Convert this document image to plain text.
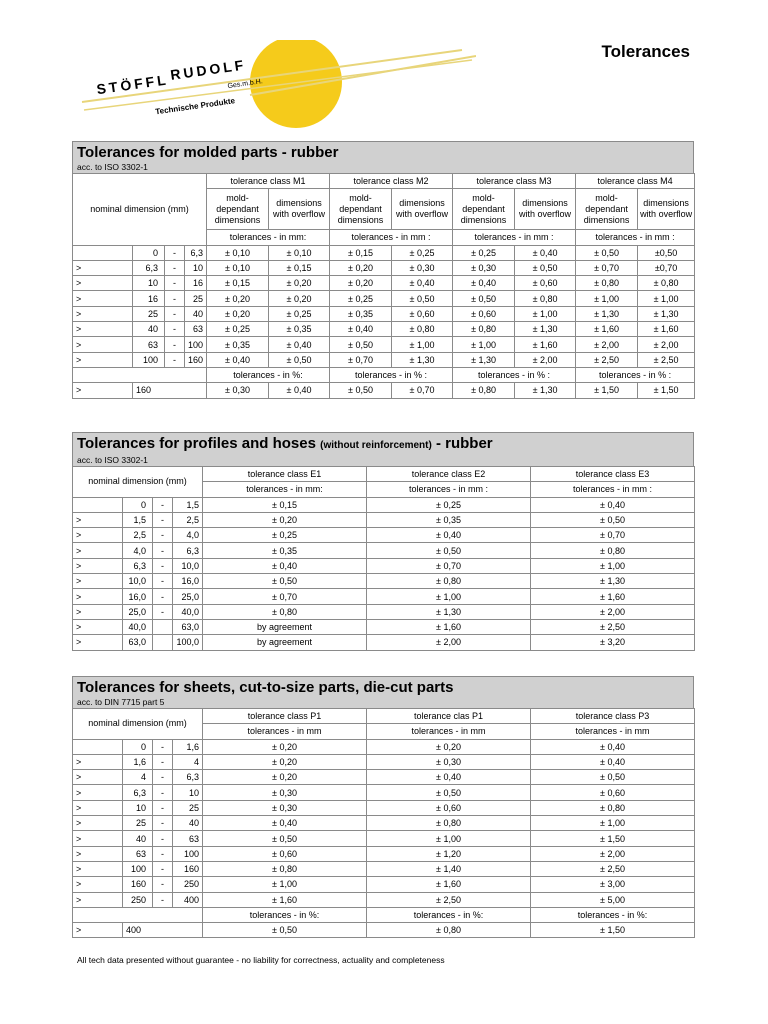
STÖFFL
RUDOLF
Ges.m.b.H.
Technische Produkte
Tolerances
Tolerances for molded parts - rubber
acc. to ISO 3302-1
nominal dimension (mm)				tolerance class M1		tolerance class M2		tolerance class M3		tolerance class M4	
				mold-dependant dimensions	dimensions with overflow	mold-dependant dimensions	dimensions with overflow	mold-dependant dimensions	dimensions with overflow	mold-dependant dimensions	dimensions with overflow
				tolerances - in mm:		tolerances - in mm :		tolerances - in mm :		tolerances - in mm :	
	0	-	6,3	± 0,10	± 0,10	± 0,15	± 0,25	± 0,25	± 0,40	± 0,50	±0,50
>	6,3	-	10	± 0,10	± 0,15	± 0,20	± 0,30	± 0,30	± 0,50	± 0,70	±0,70
>	10	-	16	± 0,15	± 0,20	± 0,20	± 0,40	± 0,40	± 0,60	± 0,80	± 0,80
>	16	-	25	± 0,20	± 0,20	± 0,25	± 0,50	± 0,50	± 0,80	± 1,00	± 1,00
>	25	-	40	± 0,20	± 0,25	± 0,35	± 0,60	± 0,60	± 1,00	± 1,30	± 1,30
>	40	-	63	± 0,25	± 0,35	± 0,40	± 0,80	± 0,80	± 1,30	± 1,60	± 1,60
>	63	-	100	± 0,35	± 0,40	± 0,50	± 1,00	± 1,00	± 1,60	± 2,00	± 2,00
>	100	-	160	± 0,40	± 0,50	± 0,70	± 1,30	± 1,30	± 2,00	± 2,50	± 2,50
				tolerances - in %:		tolerances - in % :		tolerances - in % :		tolerances - in % :	
>	160			± 0,30	± 0,40	± 0,50	± 0,70	± 0,80	± 1,30	± 1,50	± 1,50
Tolerances for profiles and hoses (without reinforcement) - rubber
acc. to ISO 3302-1
nominal dimension (mm)				tolerance class E1	tolerance class E2	tolerance class E3
				tolerances - in mm:	tolerances - in mm :	tolerances - in mm :
	0	-	1,5	± 0,15	± 0,25	± 0,40
>	1,5	-	2,5	± 0,20	± 0,35	± 0,50
>	2,5	-	4,0	± 0,25	± 0,40	± 0,70
>	4,0	-	6,3	± 0,35	± 0,50	± 0,80
>	6,3	-	10,0	± 0,40	± 0,70	± 1,00
>	10,0	-	16,0	± 0,50	± 0,80	± 1,30
>	16,0	-	25,0	± 0,70	± 1,00	± 1,60
>	25,0	-	40,0	± 0,80	± 1,30	± 2,00
>	40,0		63,0	by agreement	± 1,60	± 2,50
>	63,0		100,0	by agreement	± 2,00	± 3,20
Tolerances for sheets, cut-to-size parts, die-cut parts
acc. to DIN 7715 part 5
nominal dimension (mm)				tolerance class P1	tolerance clas P1	tolerance class P3
				tolerances - in mm	tolerances - in mm	tolerances - in mm
	0	-	1,6	± 0,20	± 0,20	± 0,40
>	1,6	-	4	± 0,20	± 0,30	± 0,40
>	4	-	6,3	± 0,20	± 0,40	± 0,50
>	6,3	-	10	± 0,30	± 0,50	± 0,60
>	10	-	25	± 0,30	± 0,60	± 0,80
>	25	-	40	± 0,40	± 0,80	± 1,00
>	40	-	63	± 0,50	± 1,00	± 1,50
>	63	-	100	± 0,60	± 1,20	± 2,00
>	100	-	160	± 0,80	± 1,40	± 2,50
>	160	-	250	± 1,00	± 1,60	± 3,00
>	250	-	400	± 1,60	± 2,50	± 5,00
				tolerances - in %:	tolerances - in %:	tolerances - in %:
>	400			± 0,50	± 0,80	± 1,50
All tech data presented without guarantee - no liability for correctness, actuality and completeness
